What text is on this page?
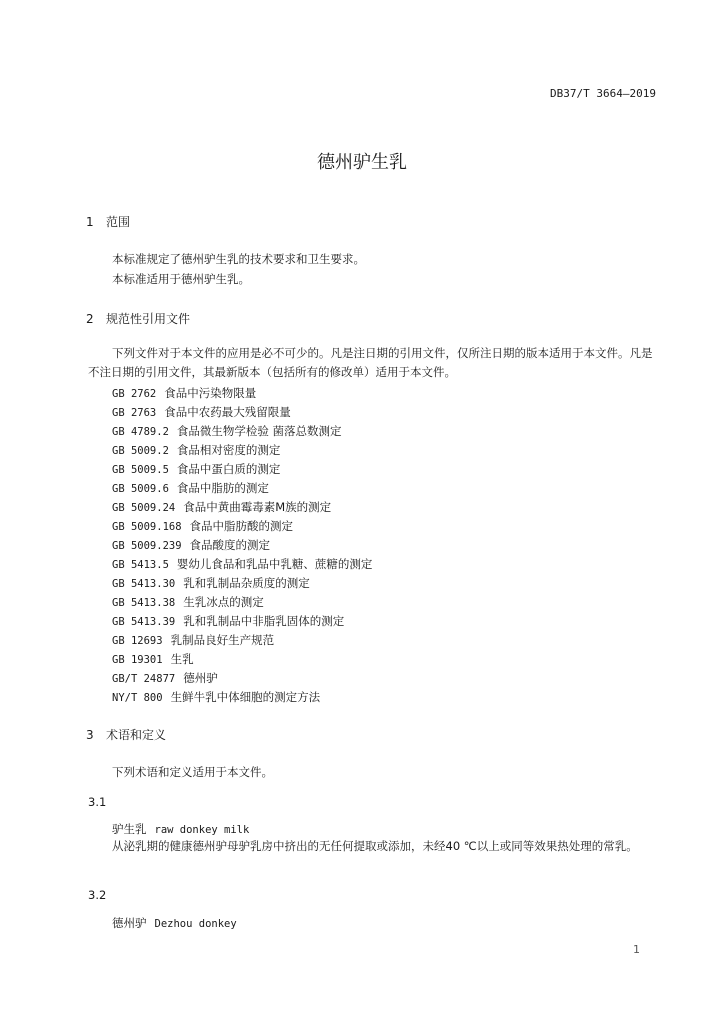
DB37/T 3664—2019
德州驴生乳
1 范围
本标准规定了德州驴生乳的技术要求和卫生要求。
本标准适用于德州驴生乳。
2 规范性引用文件
下列文件对于本文件的应用是必不可少的。凡是注日期的引用文件，仅所注日期的版本适用于本文件。凡是不注日期的引用文件，其最新版本（包括所有的修改单）适用于本文件。
GB 2762 食品中污染物限量
GB 2763 食品中农药最大残留限量
GB 4789.2 食品微生物学检验 菌落总数测定
GB 5009.2 食品相对密度的测定
GB 5009.5 食品中蛋白质的测定
GB 5009.6 食品中脂肪的测定
GB 5009.24 食品中黄曲霉毒素M族的测定
GB 5009.168 食品中脂肪酸的测定
GB 5009.239 食品酸度的测定
GB 5413.5 婴幼儿食品和乳品中乳糖、蔗糖的测定
GB 5413.30 乳和乳制品杂质度的测定
GB 5413.38 生乳冰点的测定
GB 5413.39 乳和乳制品中非脂乳固体的测定
GB 12693 乳制品良好生产规范
GB 19301 生乳
GB/T 24877 德州驴
NY/T 800 生鲜牛乳中体细胞的测定方法
3 术语和定义
下列术语和定义适用于本文件。
3.1
驴生乳 raw donkey milk
从泌乳期的健康德州驴母驴乳房中挤出的无任何提取或添加，未经40 ℃以上或同等效果热处理的常乳。
3.2
德州驴 Dezhou donkey
1
